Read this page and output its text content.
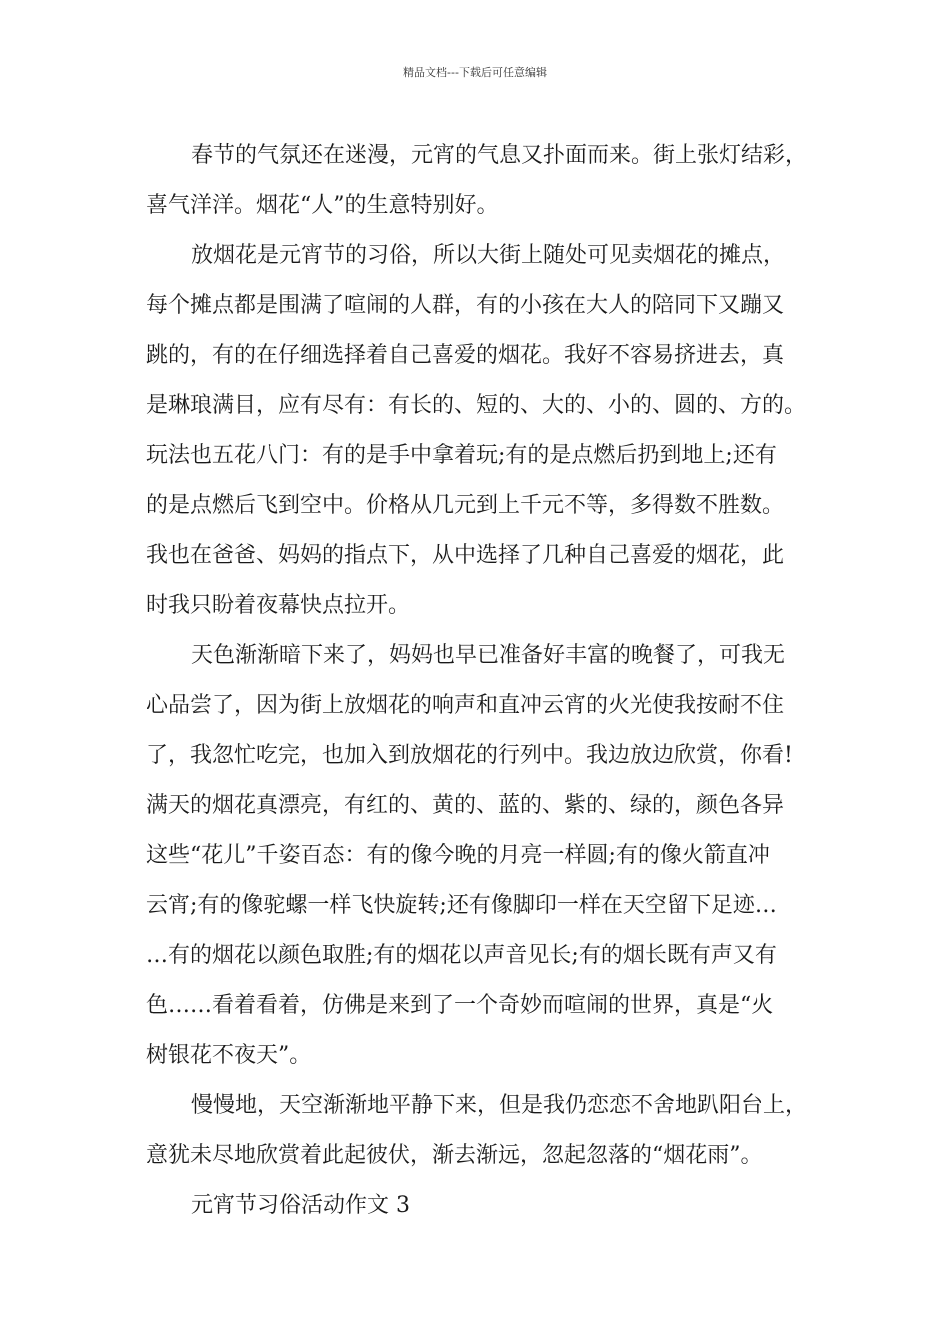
精品文档---下载后可任意编辑

春节的气氛还在迷漫，元宵的气息又扑面而来。街上张灯结彩，
喜气洋洋。烟花“人”的生意特别好。

放烟花是元宵节的习俗，所以大街上随处可见卖烟花的摊点，
每个摊点都是围满了喧闹的人群，有的小孩在大人的陪同下又蹦又
跳的，有的在仔细选择着自己喜爱的烟花。我好不容易挤进去，真
是琳琅满目，应有尽有：有长的、短的、大的、小的、圆的、方的。
玩法也五花八门：有的是手中拿着玩;有的是点燃后扔到地上;还有
的是点燃后飞到空中。价格从几元到上千元不等，多得数不胜数。
我也在爸爸、妈妈的指点下，从中选择了几种自己喜爱的烟花，此
时我只盼着夜幕快点拉开。

天色渐渐暗下来了，妈妈也早已准备好丰富的晚餐了，可我无
心品尝了，因为街上放烟花的响声和直冲云宵的火光使我按耐不住
了，我忽忙吃完，也加入到放烟花的行列中。我边放边欣赏，你看!
满天的烟花真漂亮，有红的、黄的、蓝的、紫的、绿的，颜色各异
这些“花儿”千姿百态：有的像今晚的月亮一样圆;有的像火箭直冲
云宵;有的像驼螺一样飞快旋转;还有像脚印一样在天空留下足迹…
…有的烟花以颜色取胜;有的烟花以声音见长;有的烟长既有声又有
色……看着看着，仿佛是来到了一个奇妙而喧闹的世界，真是“火
树银花不夜天”。

慢慢地，天空渐渐地平静下来，但是我仍恋恋不舍地趴阳台上，
意犹未尽地欣赏着此起彼伏，渐去渐远，忽起忽落的“烟花雨”。

元宵节习俗活动作文 3
